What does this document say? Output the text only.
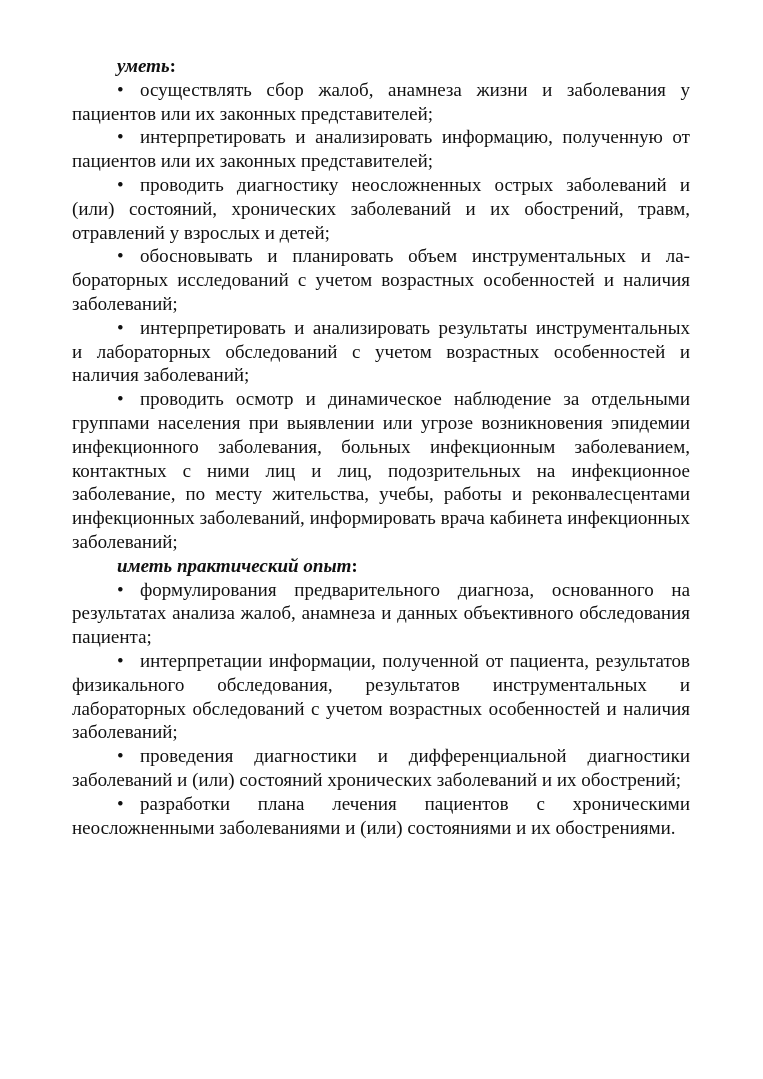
уметь:

• осуществлять сбор жалоб, анамнеза жизни и заболевания у пациентов или их законных представителей;

• интерпретировать и анализировать информацию, полученную от пациентов или их законных представителей;

• проводить диагностику неосложненных острых заболеваний и (или) состояний, хронических заболеваний и их обострений, травм, отравлений у взрослых и детей;

• обосновывать и планировать объем инструментальных и лабораторных исследований с учетом возрастных особенностей и наличия заболеваний;

• интерпретировать и анализировать результаты инструментальных и лабораторных обследований с учетом возрастных особенностей и наличия заболеваний;

• проводить осмотр и динамическое наблюдение за отдельными группами населения при выявлении или угрозе возникновения эпидемии инфекционного заболевания, больных инфекционным заболеванием, контактных с ними лиц и лиц, подозрительных на инфекционное заболевание, по месту жительства, учебы, работы и реконвалесцентами инфекционных заболеваний, информировать врача кабинета инфекционных заболеваний;

иметь практический опыт:

• формулирования предварительного диагноза, основанного на результатах анализа жалоб, анамнеза и данных объективного обследования пациента;

• интерпретации информации, полученной от пациента, результатов физикального обследования, результатов инструментальных и лабораторных обследований с учетом возрастных особенностей и наличия заболеваний;

• проведения диагностики и дифференциальной диагностики заболеваний и (или) состояний хронических заболеваний и их обострений;

• разработки плана лечения пациентов с хроническими неосложненными заболеваниями и (или) состояниями и их обострениями.
